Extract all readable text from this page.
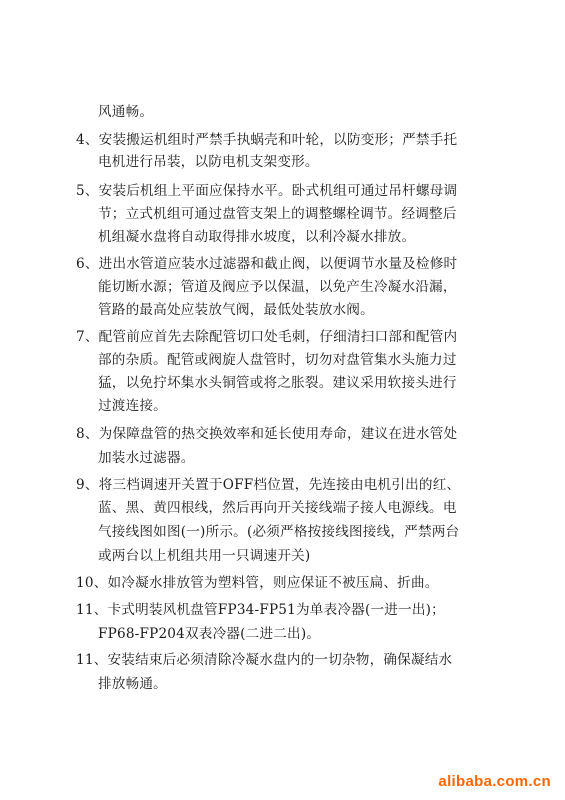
风通畅。
4、安装搬运机组时严禁手执蜗壳和叶轮，以防变形；严禁手托
电机进行吊装，以防电机支架变形。
5、安装后机组上平面应保持水平。卧式机组可通过吊杆螺母调
节；立式机组可通过盘管支架上的调整螺栓调节。经调整后
机组凝水盘将自动取得排水坡度，以利冷凝水排放。
6、进出水管道应装水过滤器和截止阀，以便调节水量及检修时
能切断水源；管道及阀应予以保温，以免产生冷凝水沿漏，
管路的最高处应装放气阀，最低处装放水阀。
7、配管前应首先去除配管切口处毛刺，仔细清扫口部和配管内
部的杂质。配管或阀旋人盘管时，切勿对盘管集水头施力过
猛，以免拧坏集水头铜管或将之胀裂。建议采用软接头进行
过渡连接。
8、为保障盘管的热交换效率和延长使用寿命，建议在进水管处
加装水过滤器。
9、将三档调速开关置于OFF档位置，先连接由电机引出的红、
蓝、黑、黄四根线，然后再向开关接线端子接人电源线。电
气接线图如图(一)所示。(必须严格按接线图接线，严禁两台
或两台以上机组共用一只调速开关)
10、如冷凝水排放管为塑料管，则应保证不被压扁、折曲。
11、卡式明装风机盘管FP34-FP51为单表冷器(一进一出)；
FP68-FP204双表冷器(二进二出)。
11、安装结束后必须清除冷凝水盘内的一切杂物，确保凝结水
排放畅通。
alibaba.com.cn
